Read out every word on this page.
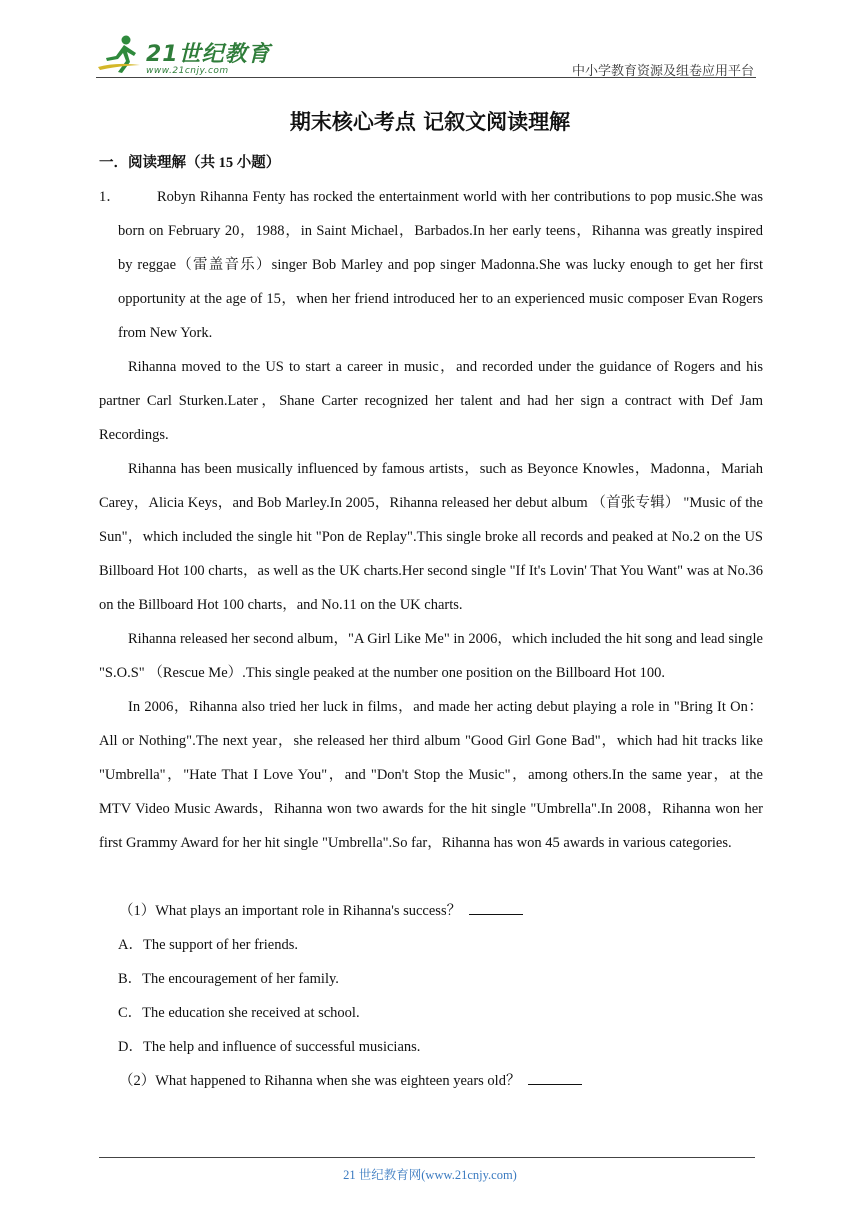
21世纪教育
www.21cnjy.com	中小学教育资源及组卷应用平台
期末核心考点 记叙文阅读理解
一．阅读理解（共 15 小题）
1．	Robyn Rihanna Fenty has rocked the entertainment world with her contributions to pop music.She was born on February 20，1988，in Saint Michael，Barbados.In her early teens，Rihanna was greatly inspired by reggae（雷盖音乐）singer Bob Marley and pop singer Madonna.She was lucky enough to get her first opportunity at the age of 15，when her friend introduced her to an experienced music composer Evan Rogers from New York.

Rihanna moved to the US to start a career in music，and recorded under the guidance of Rogers and his partner Carl Sturken.Later，Shane Carter recognized her talent and had her sign a contract with Def Jam Recordings.

Rihanna has been musically influenced by famous artists，such as Beyonce Knowles，Madonna，Mariah Carey，Alicia Keys，and Bob Marley.In 2005，Rihanna released her debut album （首张专辑） "Music of the Sun"，which included the single hit "Pon de Replay".This single broke all records and peaked at No.2 on the US Billboard Hot 100 charts，as well as the UK charts.Her second single "If It's Lovin' That You Want" was at No.36 on the Billboard Hot 100 charts，and No.11 on the UK charts.

Rihanna released her second album，"A Girl Like Me" in 2006，which included the hit song and lead single "S.O.S" （Rescue Me）.This single peaked at the number one position on the Billboard Hot 100.

In 2006，Rihanna also tried her luck in films，and made her acting debut playing a role in "Bring It On：All or Nothing".The next year，she released her third album "Good Girl Gone Bad"，which had hit tracks like "Umbrella"，"Hate That I Love You"，and "Don't Stop the Music"，among others.In the same year，at the MTV Video Music Awards，Rihanna won two awards for the hit single "Umbrella".In 2008，Rihanna won her first Grammy Award for her hit single "Umbrella".So far，Rihanna has won 45 awards in various categories.

（1）What plays an important role in Rihanna's success？
A．The support of her friends.
B．The encouragement of her family.
C．The education she received at school.
D．The help and influence of successful musicians.
（2）What happened to Rihanna when she was eighteen years old？
21 世纪教育网(www.21cnjy.com)
